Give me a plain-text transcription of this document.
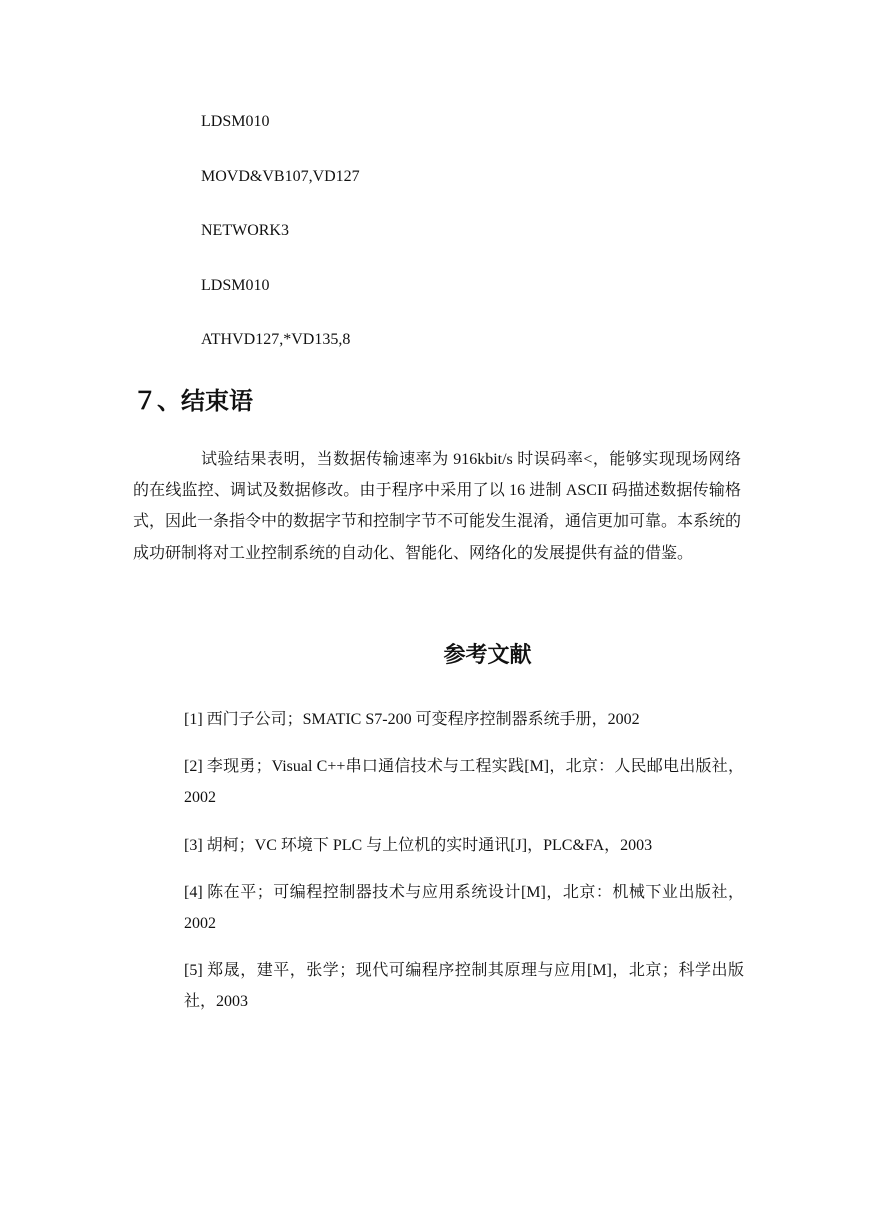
LDSM010
MOVD&VB107,VD127
NETWORK3
LDSM010
ATHVD127,*VD135,8
７、结束语

试验结果表明，当数据传输速率为 916kbit/s 时误码率<，能够实现现场网络的在线监控、调试及数据修改。由于程序中采用了以 16 进制 ASCII 码描述数据传输格式，因此一条指令中的数据字节和控制字节不可能发生混淆，通信更加可靠。本系统的成功研制将对工业控制系统的自动化、智能化、网络化的发展提供有益的借鉴。

参考文献
[1] 西门子公司；SMATIC S7-200 可变程序控制器系统手册，2002
[2] 李现勇；Visual C++串口通信技术与工程实践[M]，北京：人民邮电出版社，2002
[3] 胡柯；VC 环境下 PLC 与上位机的实时通讯[J]，PLC&FA，2003
[4] 陈在平；可编程控制器技术与应用系统设计[M]，北京：机械下业出版社，2002
[5] 郑晟，建平，张学；现代可编程序控制其原理与应用[M]，北京；科学出版社，2003
